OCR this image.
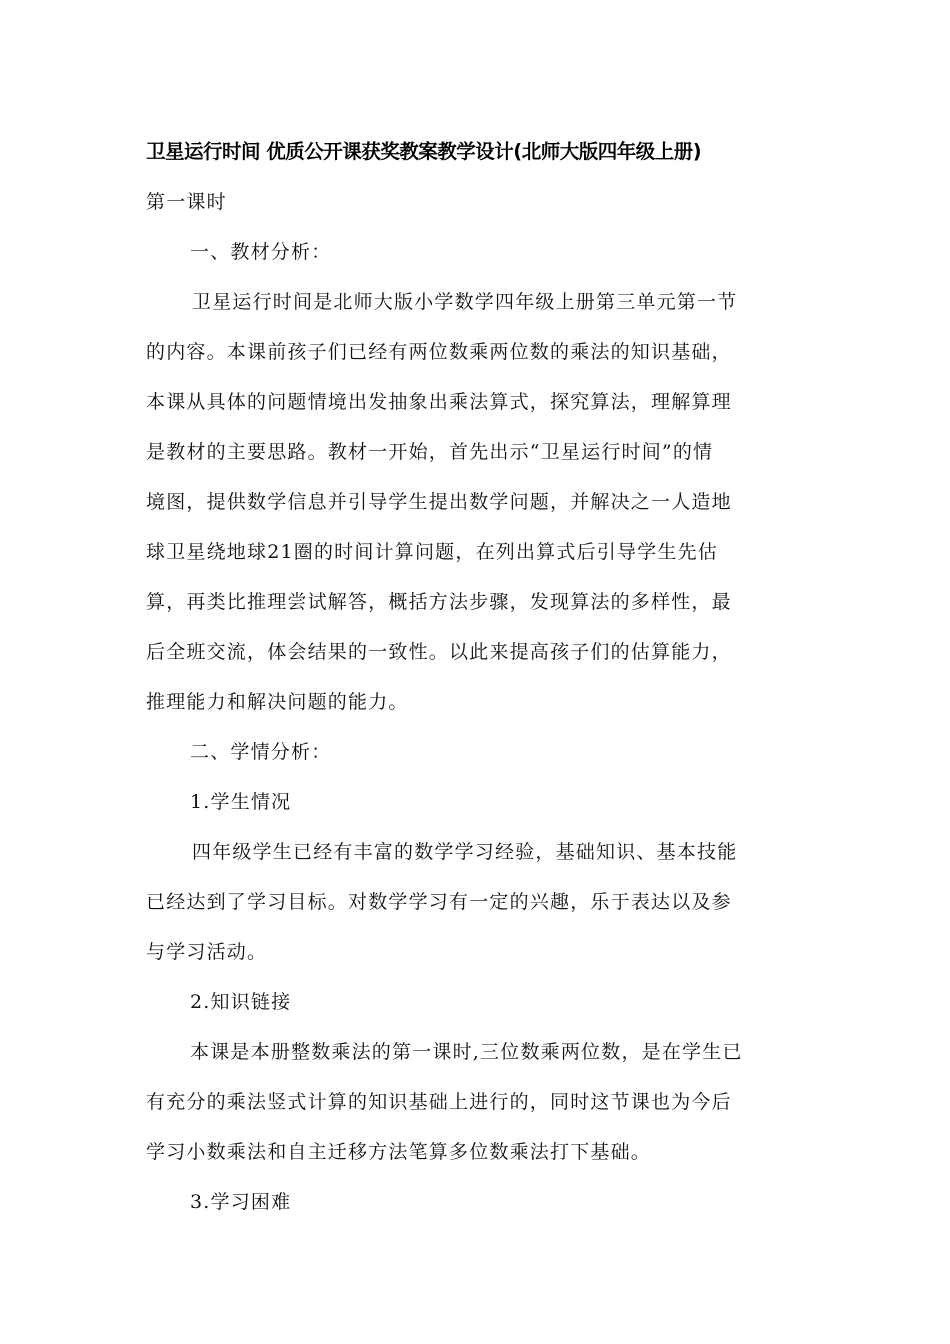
卫星运行时间 优质公开课获奖教案教学设计(北师大版四年级上册)
第一课时
一、教材分析：
卫星运行时间是北师大版小学数学四年级上册第三单元第一节
的内容。本课前孩子们已经有两位数乘两位数的乘法的知识基础，
本课从具体的问题情境出发抽象出乘法算式，探究算法，理解算理
是教材的主要思路。教材一开始，首先出示“卫星运行时间”的情
境图，提供数学信息并引导学生提出数学问题，并解决之一人造地
球卫星绕地球21圈的时间计算问题，在列出算式后引导学生先估
算，再类比推理尝试解答，概括方法步骤，发现算法的多样性，最
后全班交流，体会结果的一致性。以此来提高孩子们的估算能力，
推理能力和解决问题的能力。
二、学情分析：
1.学生情况
四年级学生已经有丰富的数学学习经验，基础知识、基本技能
已经达到了学习目标。对数学学习有一定的兴趣，乐于表达以及参
与学习活动。
2.知识链接
本课是本册整数乘法的第一课时,三位数乘两位数，是在学生已
有充分的乘法竖式计算的知识基础上进行的，同时这节课也为今后
学习小数乘法和自主迁移方法笔算多位数乘法打下基础。
3.学习困难
